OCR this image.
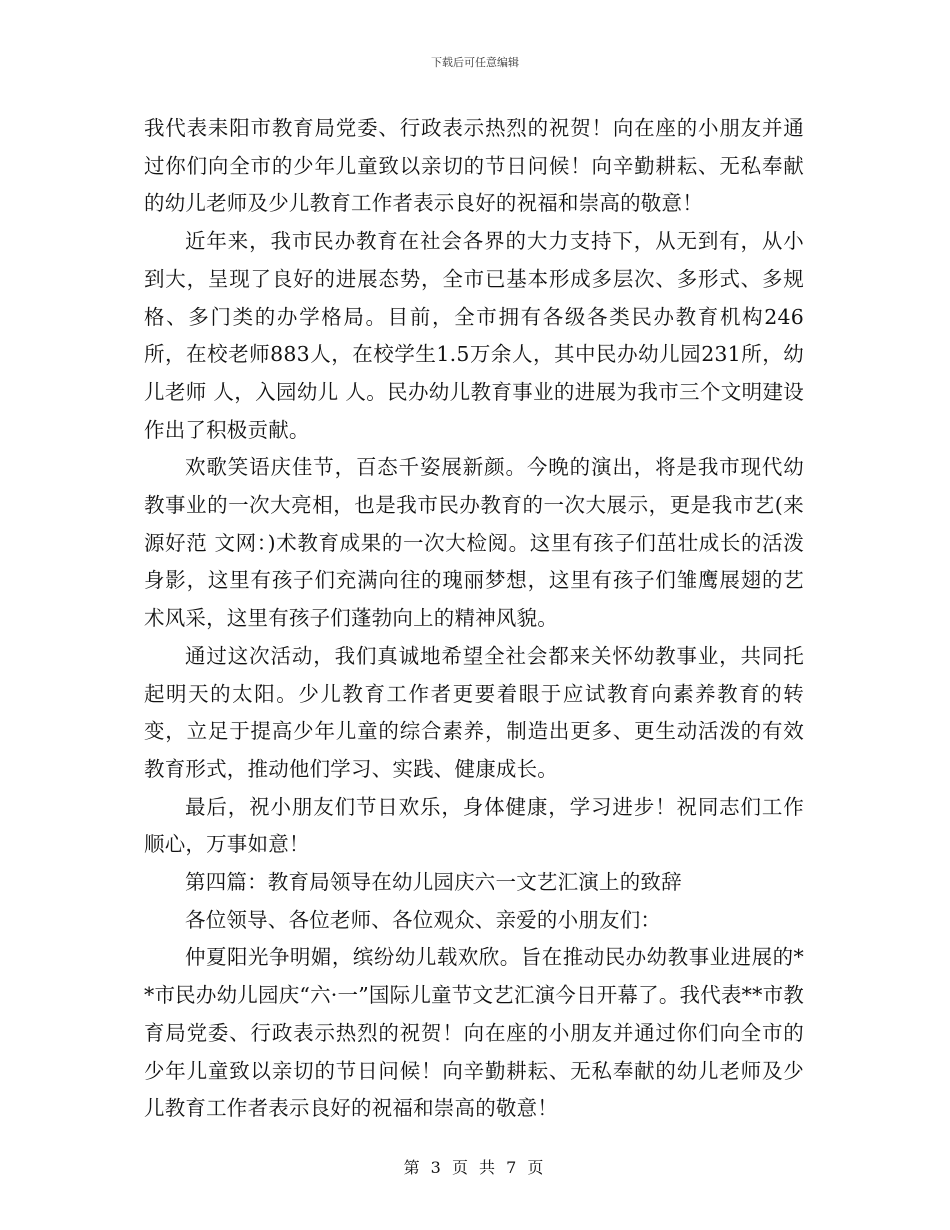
下载后可任意编辑

我代表耒阳市教育局党委、行政表示热烈的祝贺！向在座的小朋友并通过你们向全市的少年儿童致以亲切的节日问候！向辛勤耕耘、无私奉献的幼儿老师及少儿教育工作者表示良好的祝福和崇高的敬意！

近年来，我市民办教育在社会各界的大力支持下，从无到有，从小到大，呈现了良好的进展态势，全市已基本形成多层次、多形式、多规格、多门类的办学格局。目前，全市拥有各级各类民办教育机构246所，在校老师883人，在校学生1.5万余人，其中民办幼儿园231所，幼儿老师 人，入园幼儿 人。民办幼儿教育事业的进展为我市三个文明建设作出了积极贡献。

欢歌笑语庆佳节，百态千姿展新颜。今晚的演出，将是我市现代幼教事业的一次大亮相，也是我市民办教育的一次大展示，更是我市艺(来源好范 文网：)术教育成果的一次大检阅。这里有孩子们茁壮成长的活泼身影，这里有孩子们充满向往的瑰丽梦想，这里有孩子们雏鹰展翅的艺术风采，这里有孩子们蓬勃向上的精神风貌。

通过这次活动，我们真诚地希望全社会都来关怀幼教事业，共同托起明天的太阳。少儿教育工作者更要着眼于应试教育向素养教育的转变，立足于提高少年儿童的综合素养，制造出更多、更生动活泼的有效教育形式，推动他们学习、实践、健康成长。

最后，祝小朋友们节日欢乐，身体健康，学习进步！祝同志们工作顺心，万事如意！

第四篇：教育局领导在幼儿园庆六一文艺汇演上的致辞

各位领导、各位老师、各位观众、亲爱的小朋友们：

仲夏阳光争明媚，缤纷幼儿载欢欣。旨在推动民办幼教事业进展的**市民办幼儿园庆“六·一”国际儿童节文艺汇演今日开幕了。我代表**市教育局党委、行政表示热烈的祝贺！向在座的小朋友并通过你们向全市的少年儿童致以亲切的节日问候！向辛勤耕耘、无私奉献的幼儿老师及少儿教育工作者表示良好的祝福和崇高的敬意！

第 3 页 共 7 页
